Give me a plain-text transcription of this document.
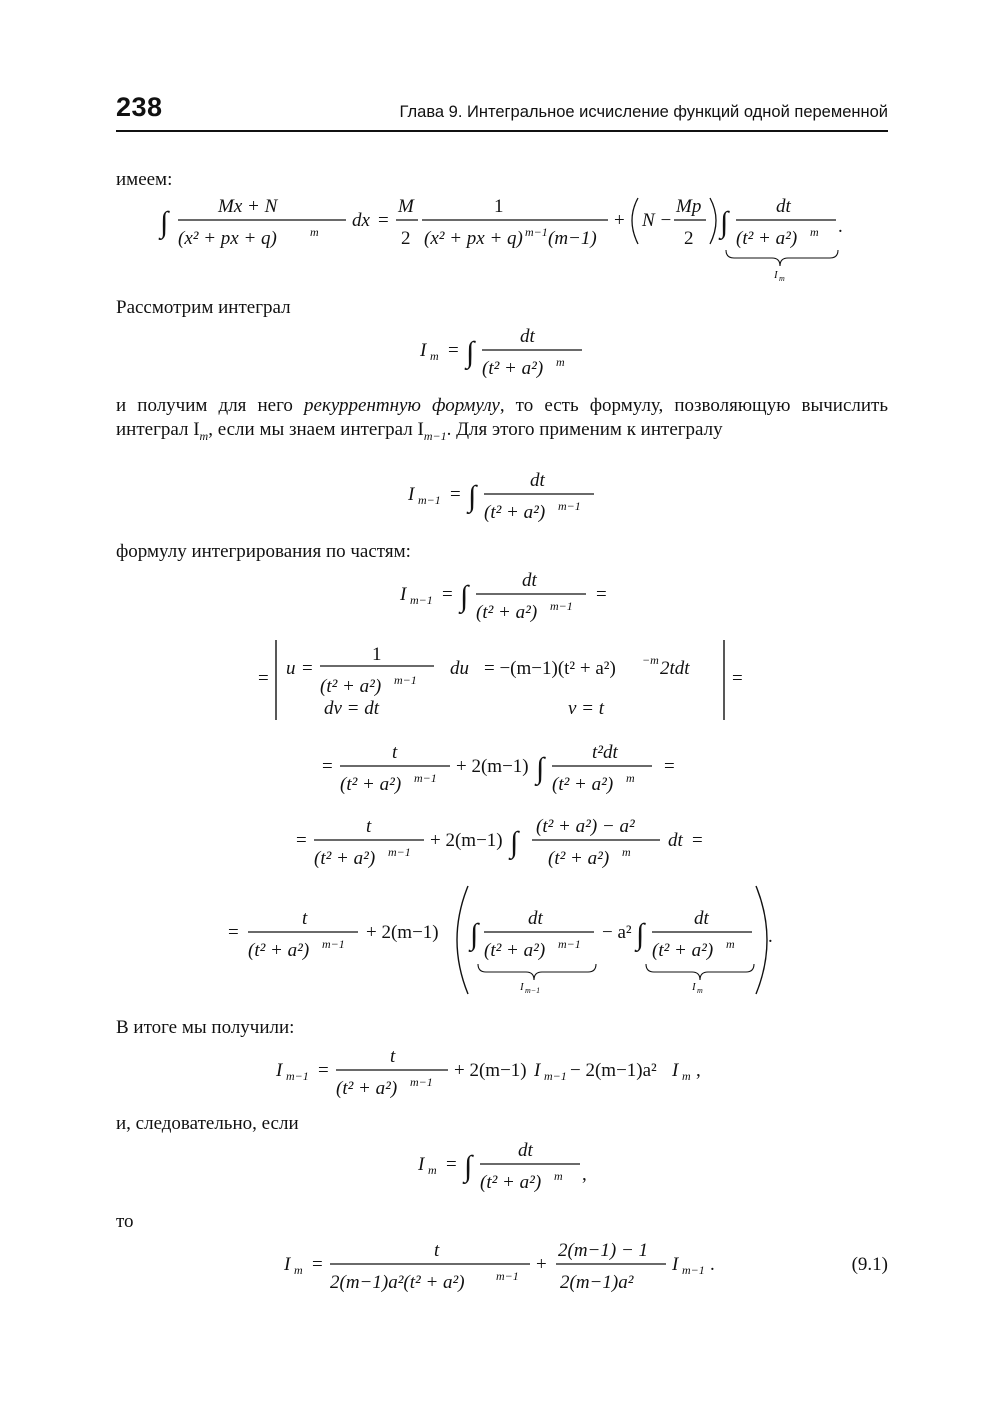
238	Глава 9. Интегральное исчисление функций одной переменной
имеем:
∫	Mx + N
(x² + px + q)	m
dx =
M
2
1
(x² + px + q) m−1 (m−1)
+ N −
Mp
2 ∫	dt
(t² + a²) m .
I m
Рассмотрим интеграл
I m = ∫ dt
(t² + a²) m
и получим для него рекуррентную формулу, то есть формулу, позволяющую вычислить интеграл $I_m$, если мы знаем интеграл $I_{m-1}$. Для этого применим к интегралу
I m−1 = ∫	dt
(t² + a²) m−1
формулу интегрирования по частям:
I m−1 = ∫	dt
(t² + a²) m−1
=
= u =
1
(t² + a²) m−1
du = −(m−1)(t² + a²) −m 2tdt
dv = dt	v = t
=
=
t
(t² + a²) m−1
+ 2(m−1) ∫	t²dt
(t² + a²) m
=
=
t
(t² + a²) m−1
+ 2(m−1) ∫ (t² + a²) − a²
(t² + a²) m
dt =
=
t
(t² + a²) m−1
+ 2(m−1) ∫	dt
(t² + a²) m−1
I m−1
− a² ∫	dt
(t² + a²) m
I m
.
В итоге мы получили:
I m−1 =
t
(t² + a²) m−1
+ 2(m−1) I m−1 − 2(m−1)a² I m ,
и, следовательно, если
I m = ∫ dt
(t² + a²) m ,
то
I m =
t
2(m−1)a²(t² + a²)	m−1
+
2(m−1) − 1
2(m−1)a²
I m−1 .	(9.1)
